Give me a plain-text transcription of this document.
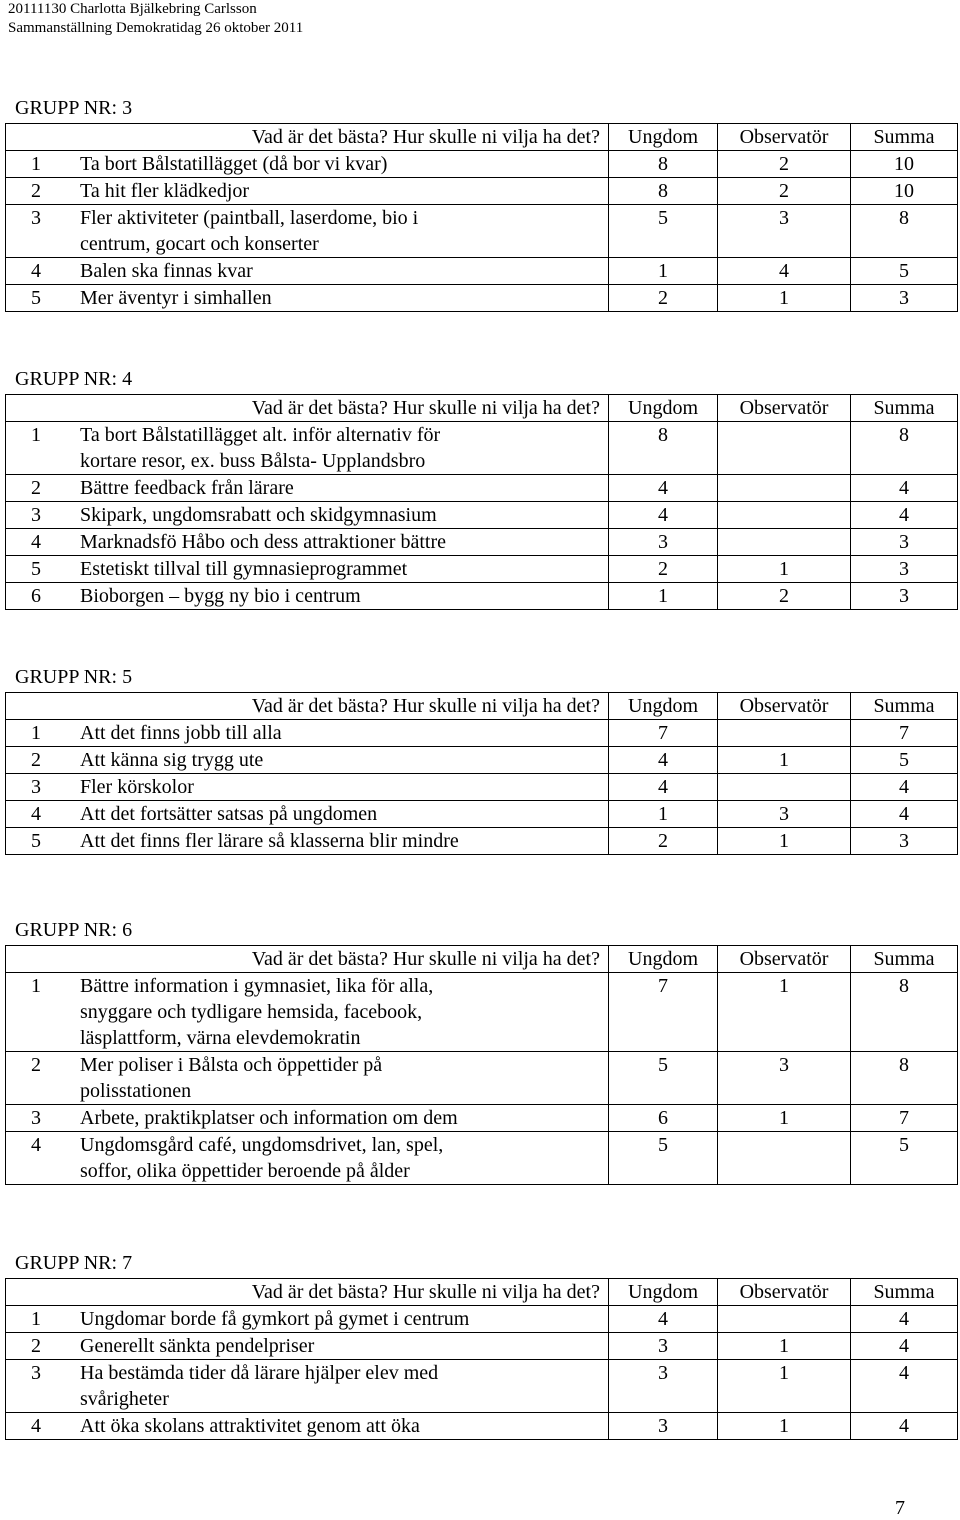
20111130 Charlotta Bjälkebring Carlsson
Sammanställning Demokratidag 26 oktober 2011
GRUPP NR: 3
	Vad är det bästa? Hur skulle ni vilja ha det?	Ungdom	Observatör	Summa

1	Ta bort Bålstatillägget (då bor vi kvar)	8	2	10

2	Ta hit fler klädkedjor	8	2	10

3	Fler aktiviteter (paintball, laserdome, bio i
centrum, gocart och konserter	5	3	8

4	Balen ska finnas kvar	1	4	5

5	Mer äventyr i simhallen	2	1	3
GRUPP NR: 4
	Vad är det bästa? Hur skulle ni vilja ha det?	Ungdom	Observatör	Summa

1	Ta bort Bålstatillägget alt. inför alternativ för
kortare resor, ex. buss Bålsta- Upplandsbro	8		8

2	Bättre feedback från lärare	4		4

3	Skipark, ungdomsrabatt och skidgymnasium	4		4

4	Marknadsfö Håbo och dess attraktioner bättre	3		3

5	Estetiskt tillval till gymnasieprogrammet	2	1	3

6	Bioborgen – bygg ny bio i centrum	1	2	3
GRUPP NR: 5
	Vad är det bästa? Hur skulle ni vilja ha det?	Ungdom	Observatör	Summa

1	Att det finns jobb till alla	7		7

2	Att känna sig trygg ute	4	1	5

3	Fler körskolor	4		4

4	Att det fortsätter satsas på ungdomen	1	3	4

5	Att det finns fler lärare så klasserna blir mindre	2	1	3
GRUPP NR: 6
	Vad är det bästa? Hur skulle ni vilja ha det?	Ungdom	Observatör	Summa

1	Bättre information i gymnasiet, lika för alla,
snyggare och tydligare hemsida, facebook,
läsplattform, värna elevdemokratin	7	1	8

2	Mer poliser i Bålsta och öppettider på
polisstationen	5	3	8

3	Arbete, praktikplatser och information om dem	6	1	7

4	Ungdomsgård café, ungdomsdrivet, lan, spel,
soffor, olika öppettider beroende på ålder	5		5
GRUPP NR: 7
	Vad är det bästa? Hur skulle ni vilja ha det?	Ungdom	Observatör	Summa

1	Ungdomar borde få gymkort på gymet i centrum	4		4

2	Generellt sänkta pendelpriser	3	1	4

3	Ha bestämda tider då lärare hjälper elev med
svårigheter	3	1	4

4	Att öka skolans attraktivitet genom att öka	3	1	4
7
